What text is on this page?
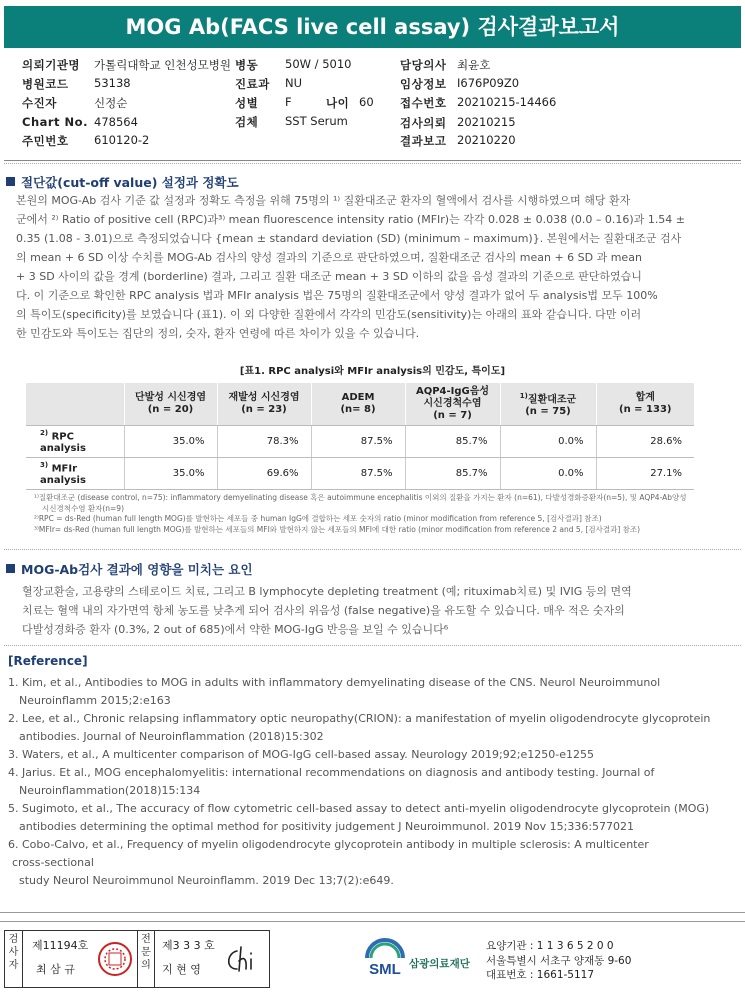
MOG Ab(FACS live cell assay) 검사결과보고서
의뢰기관명 가톨릭대학교 인천성모병원 병동 50W / 5010	담당의사 최윤호
병원코드 53138	진료과 NU	임상정보 I676P09Z0
수진자	신정순	성별 F	나이 60 접수번호 20210215-14466
Chart No. 478564	검체 SST Serum	검사의뢰 20210215
주민번호 610120-2	결과보고 20210220
절단값(cut-off value) 설정과 정확도
본원의 MOG-Ab 검사 기준 값 설정과 정확도 측정을 위해 75명의 ¹⁾ 질환대조군 환자의 혈액에서 검사를 시행하였으며 해당 환자
군에서 ²⁾ Ratio of positive cell (RPC)과³⁾ mean fluorescence intensity ratio (MFIr)는 각각 0.028 ± 0.038 (0.0 – 0.16)과 1.54 ±
0.35 (1.08 - 3.01)으로 측정되었습니다 {mean ± standard deviation (SD) (minimum – maximum)}. 본원에서는 질환대조군 검사
의 mean + 6 SD 이상 수치를 MOG-Ab 검사의 양성 결과의 기준으로 판단하였으며, 질환대조군 검사의 mean + 6 SD 과 mean
+ 3 SD 사이의 값을 경계 (borderline) 결과, 그리고 질환 대조군 mean + 3 SD 이하의 값을 음성 결과의 기준으로 판단하였습니
다. 이 기준으로 확인한 RPC analysis 법과 MFIr analysis 법은 75명의 질환대조군에서 양성 결과가 없어 두 analysis법 모두 100%
의 특이도(specificity)를 보였습니다 (표1). 이 외 다양한 질환에서 각각의 민감도(sensitivity)는 아래의 표와 같습니다. 다만 이러
한 민감도와 특이도는 집단의 정의, 숫자, 환자 연령에 따른 차이가 있을 수 있습니다.
[표1. RPC analysi와 MFIr analysis의 민감도, 특이도]
	단발성 시신경염
(n = 20)	재발성 시신경염
(n = 23)	ADEM
(n= 8)	AQP4-IgG음성
시신경척수염
(n = 7)	$^{1)}$질환대조군
(n = 75)	합계
(n = 133)
$^{2)}$ RPC analysis	35.0%	78.3%	87.5%	85.7%	0.0%	28.6%
$^{3)}$ MFIr analysis	35.0%	69.6%	87.5%	85.7%	0.0%	27.1%
¹⁾질환대조군 (disease control, n=75): inflammatory demyelinating disease 혹은 autoimmune encephalitis 이외의 질환을 가지는 환자 (n=61), 다발성경화증환자(n=5), 및 AQP4-Ab양성
시신경척수염 환자(n=9)
²⁾RPC = ds-Red (human full length MOG)를 발현하는 세포들 중 human IgG에 결합하는 세포 숫자의 ratio (minor modification from reference 5, [검사결과] 참조)
³⁾MFIr= ds-Red (human full length MOG)를 발현하는 세포들의 MFI와 발현하지 않는 세포들의 MFI에 대한 ratio (minor modification from reference 2 and 5, [검사결과] 참조)
MOG-Ab검사 결과에 영향을 미치는 요인
혈장교환술, 고용량의 스테로이드 치료, 그리고 B lymphocyte depleting treatment (예; rituximab치료) 및 IVIG 등의 면역
치료는 혈액 내의 자가면역 항체 농도를 낮추게 되어 검사의 위음성 (false negative)을 유도할 수 있습니다. 매우 적은 숫자의
다발성경화증 환자 (0.3%, 2 out of 685)에서 약한 MOG-IgG 반응을 보일 수 있습니다⁶
[Reference]
1. Kim, et al., Antibodies to MOG in adults with inflammatory demyelinating disease of the CNS. Neurol Neuroimmunol
Neuroinflamm 2015;2:e163
2. Lee, et al., Chronic relapsing inflammatory optic neuropathy(CRION): a manifestation of myelin oligodendrocyte glycoprotein
antibodies. Journal of Neuroinflammation (2018)15:302
3. Waters, et al., A multicenter comparison of MOG-IgG cell-based assay. Neurology 2019;92;e1250-e1255
4. Jarius. Et al., MOG encephalomyelitis: international recommendations on diagnosis and antibody testing. Journal of
Neuroinflammation(2018)15:134
5. Sugimoto, et al., The accuracy of flow cytometric cell-based assay to detect anti-myelin oligodendrocyte glycoprotein (MOG)
antibodies determining the optimal method for positivity judgement J Neuroimmunol. 2019 Nov 15;336:577021
6. Cobo-Calvo, et al., Frequency of myelin oligodendrocyte glycoprotein antibody in multiple sclerosis: A multicenter
cross-sectional
study Neurol Neuroimmunol Neuroinflamm. 2019 Dec 13;7(2):e649.
검
사
자
제11194호
최 삼 규
전
문
의
제3 3 3 호
지 현 영	SML 삼광의료재단
요양기관 : 1 1 3 6 5 2 0 0
서울특별시 서초구 양재동 9-60
대표번호 : 1661-5117
